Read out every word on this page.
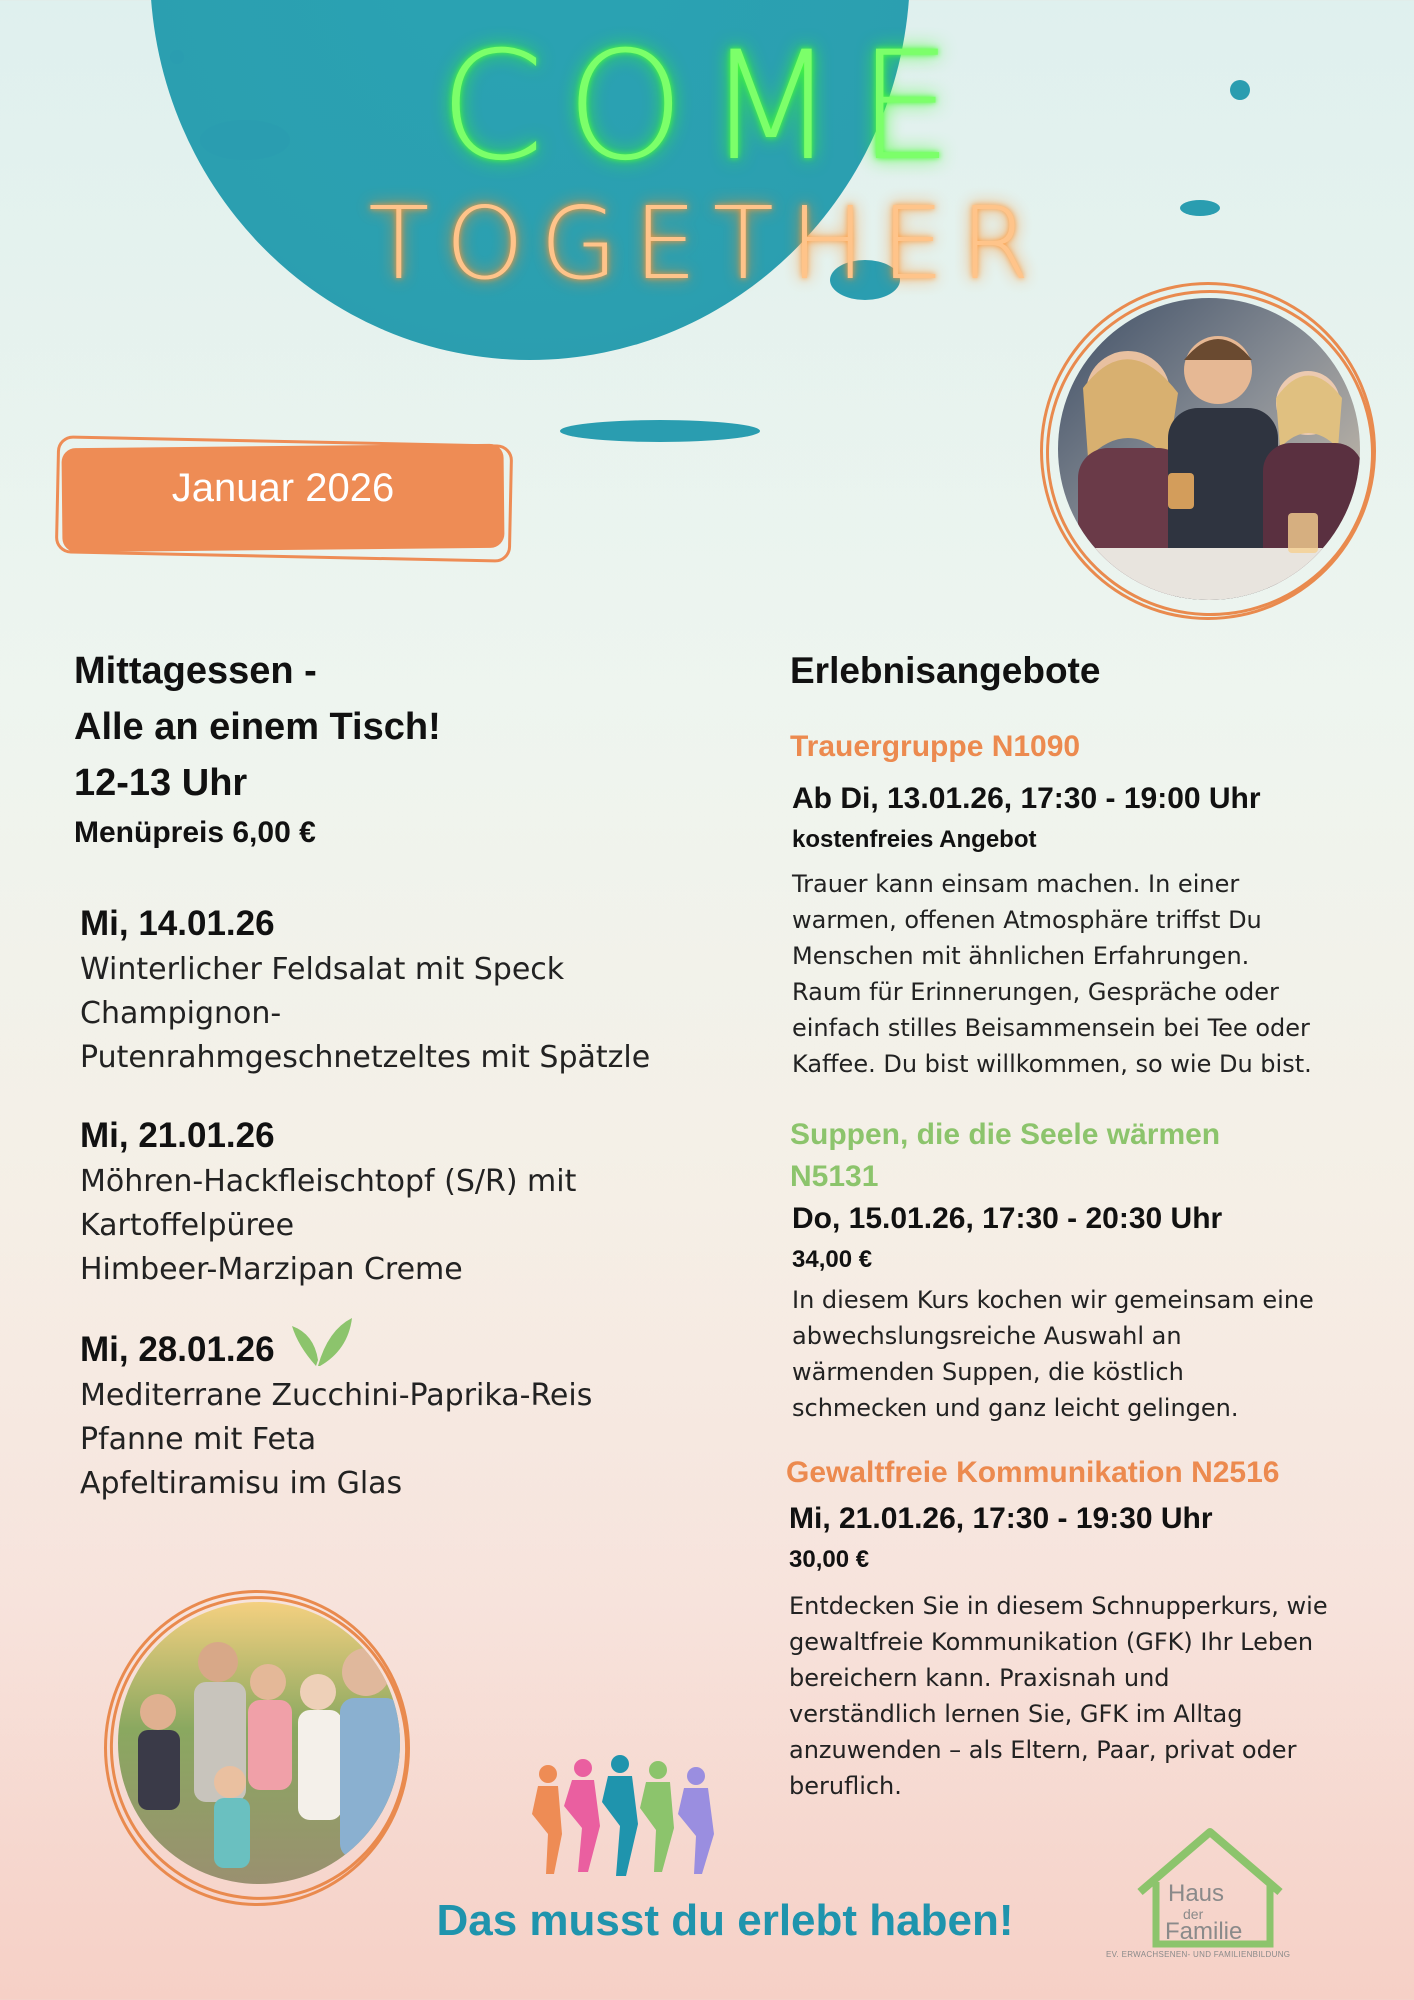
COME
TOGETHER
Januar 2026
Mittagessen -
Alle an einem Tisch!
12-13 Uhr
Menüpreis 6,00 €
Mi, 14.01.26
Winterlicher Feldsalat mit Speck
Champignon-
Putenrahmgeschnetzeltes mit Spätzle
Mi, 21.01.26
Möhren-Hackfleischtopf (S/R) mit
Kartoffelpüree
Himbeer-Marzipan Creme
Mi, 28.01.26
Mediterrane Zucchini-Paprika-Reis
Pfanne mit Feta
Apfeltiramisu im Glas
Erlebnisangebote
Trauergruppe N1090
Ab Di, 13.01.26, 17:30 - 19:00 Uhr
kostenfreies Angebot
Trauer kann einsam machen. In einer
warmen, offenen Atmosphäre triffst Du
Menschen mit ähnlichen Erfahrungen.
Raum für Erinnerungen, Gespräche oder
einfach stilles Beisammensein bei Tee oder
Kaffee. Du bist willkommen, so wie Du bist.
Suppen, die die Seele wärmen
N5131
Do, 15.01.26, 17:30 - 20:30 Uhr
34,00 €
In diesem Kurs kochen wir gemeinsam eine
abwechslungsreiche Auswahl an
wärmenden Suppen, die köstlich
schmecken und ganz leicht gelingen.
Gewaltfreie Kommunikation N2516
Mi, 21.01.26, 17:30 - 19:30 Uhr
30,00 €
Entdecken Sie in diesem Schnupperkurs, wie
gewaltfreie Kommunikation (GFK) Ihr Leben
bereichern kann. Praxisnah und
verständlich lernen Sie, GFK im Alltag
anzuwenden – als Eltern, Paar, privat oder
beruflich.
Das musst du erlebt haben!
Haus
der
Familie
EV. ERWACHSENEN- UND FAMILIENBILDUNG
